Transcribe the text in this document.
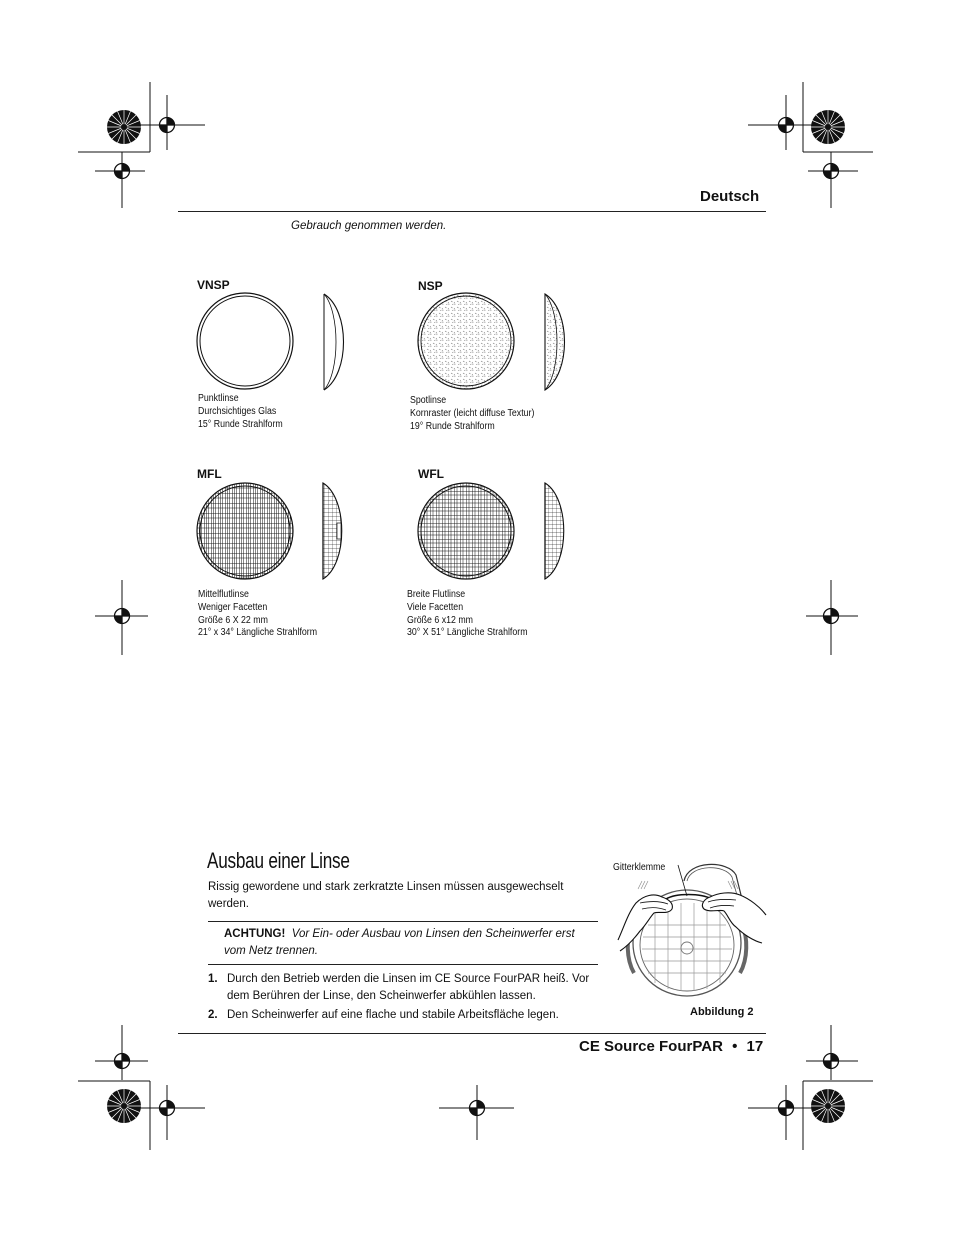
Deutsch
Gebrauch genommen werden.
VNSP	NSP
MFL	WFL
Punktlinse
Durchsichtiges Glas
15° Runde Strahlform
Spotlinse
Kornraster (leicht diffuse Textur)
19° Runde Strahlform
Mittelflutlinse
Weniger Facetten
Größe 6 X 22 mm
21° x 34° Längliche Strahlform
Breite Flutlinse
Viele Facetten
Größe 6 x12 mm
30° X 51° Längliche Strahlform
Ausbau einer Linse
Rissig gewordene und stark zerkratzte Linsen müssen ausgewechselt werden.
ACHTUNG! Vor Ein- oder Ausbau von Linsen den Scheinwerfer erst vom Netz trennen.
1. Durch den Betrieb werden die Linsen im CE Source FourPAR heiß. Vor dem Berühren der Linse, den Scheinwerfer abkühlen lassen.
2. Den Scheinwerfer auf eine flache und stabile Arbeitsfläche legen.
Gitterklemme
Abbildung 2
CE Source FourPAR • 17
